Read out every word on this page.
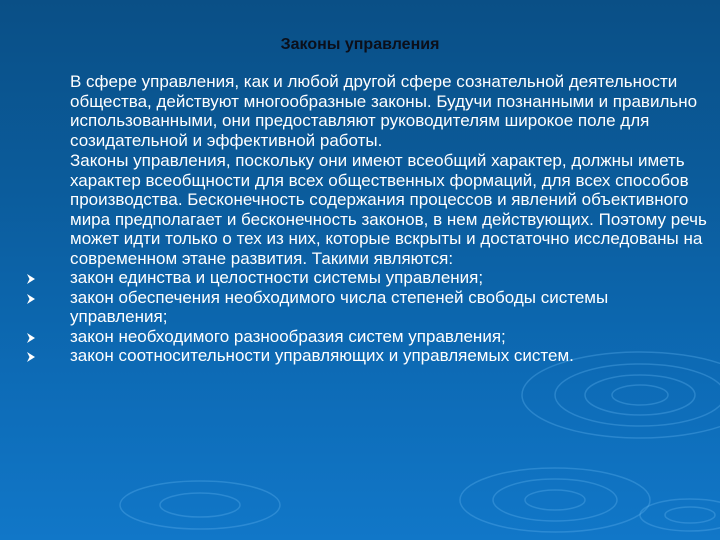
Законы управления

В сфере управления, как и любой другой сфере сознательной деятельности общества, действуют многообразные законы. Будучи познанными и правильно использованными, они предоставляют руководителям широкое поле для созидательной и эффективной работы.

Законы управления, поскольку они имеют всеобщий характер, должны иметь характер всеобщности для всех общественных формаций, для всех способов производства. Бесконечность содержания процессов и явлений объективного мира предполагает и бесконечность законов, в нем действующих. Поэтому речь может идти только о тех из них, которые вскрыты и достаточно исследованы на современном этане развития. Такими являются:

закон единства и целостности системы управления;
закон обеспечения необходимого числа степеней свободы системы управления;
закон необходимого разнообразия систем управления;
закон соотносительности управляющих и управляемых систем.
